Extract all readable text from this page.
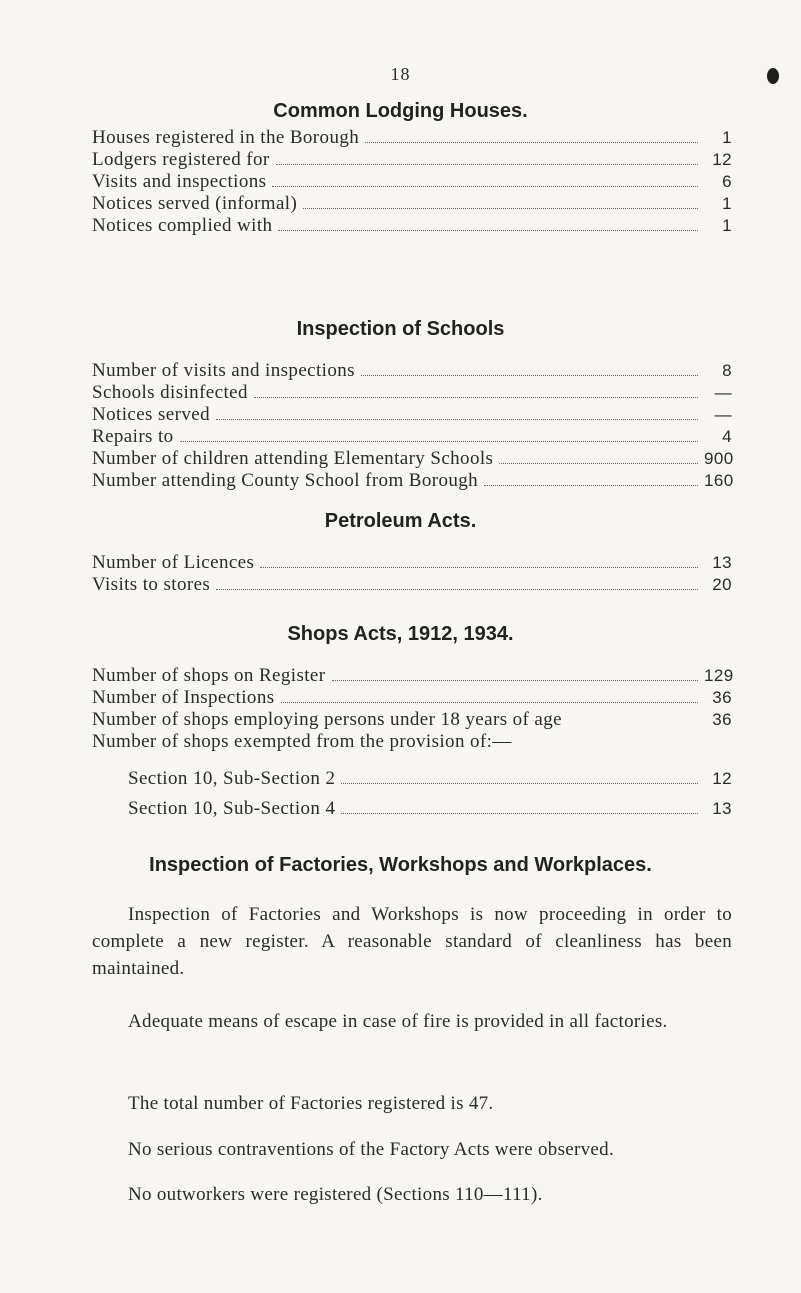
18
Common Lodging Houses.
Houses registered in the Borough	1
Lodgers registered for	12
Visits and inspections	6
Notices served (informal)	1
Notices complied with	1
Inspection of Schools
Number of visits and inspections	8
Schools disinfected	—
Notices served	—
Repairs to	4
Number of children attending Elementary Schools	900
Number attending County School from Borough	160
Petroleum Acts.
Number of Licences	13
Visits to stores	20
Shops Acts, 1912, 1934.
Number of shops on Register	129
Number of Inspections	36
Number of shops employing persons under 18 years of age	36
Number of shops exempted from the provision of:—
Section 10, Sub-Section 2	12
Section 10, Sub-Section 4	13
Inspection of Factories, Workshops and Workplaces.
Inspection of Factories and Workshops is now proceeding in order to complete a new register. A reasonable standard of cleanliness has been maintained.
Adequate means of escape in case of fire is provided in all factories.
The total number of Factories registered is 47.
No serious contraventions of the Factory Acts were observed.
No outworkers were registered (Sections 110—111).
